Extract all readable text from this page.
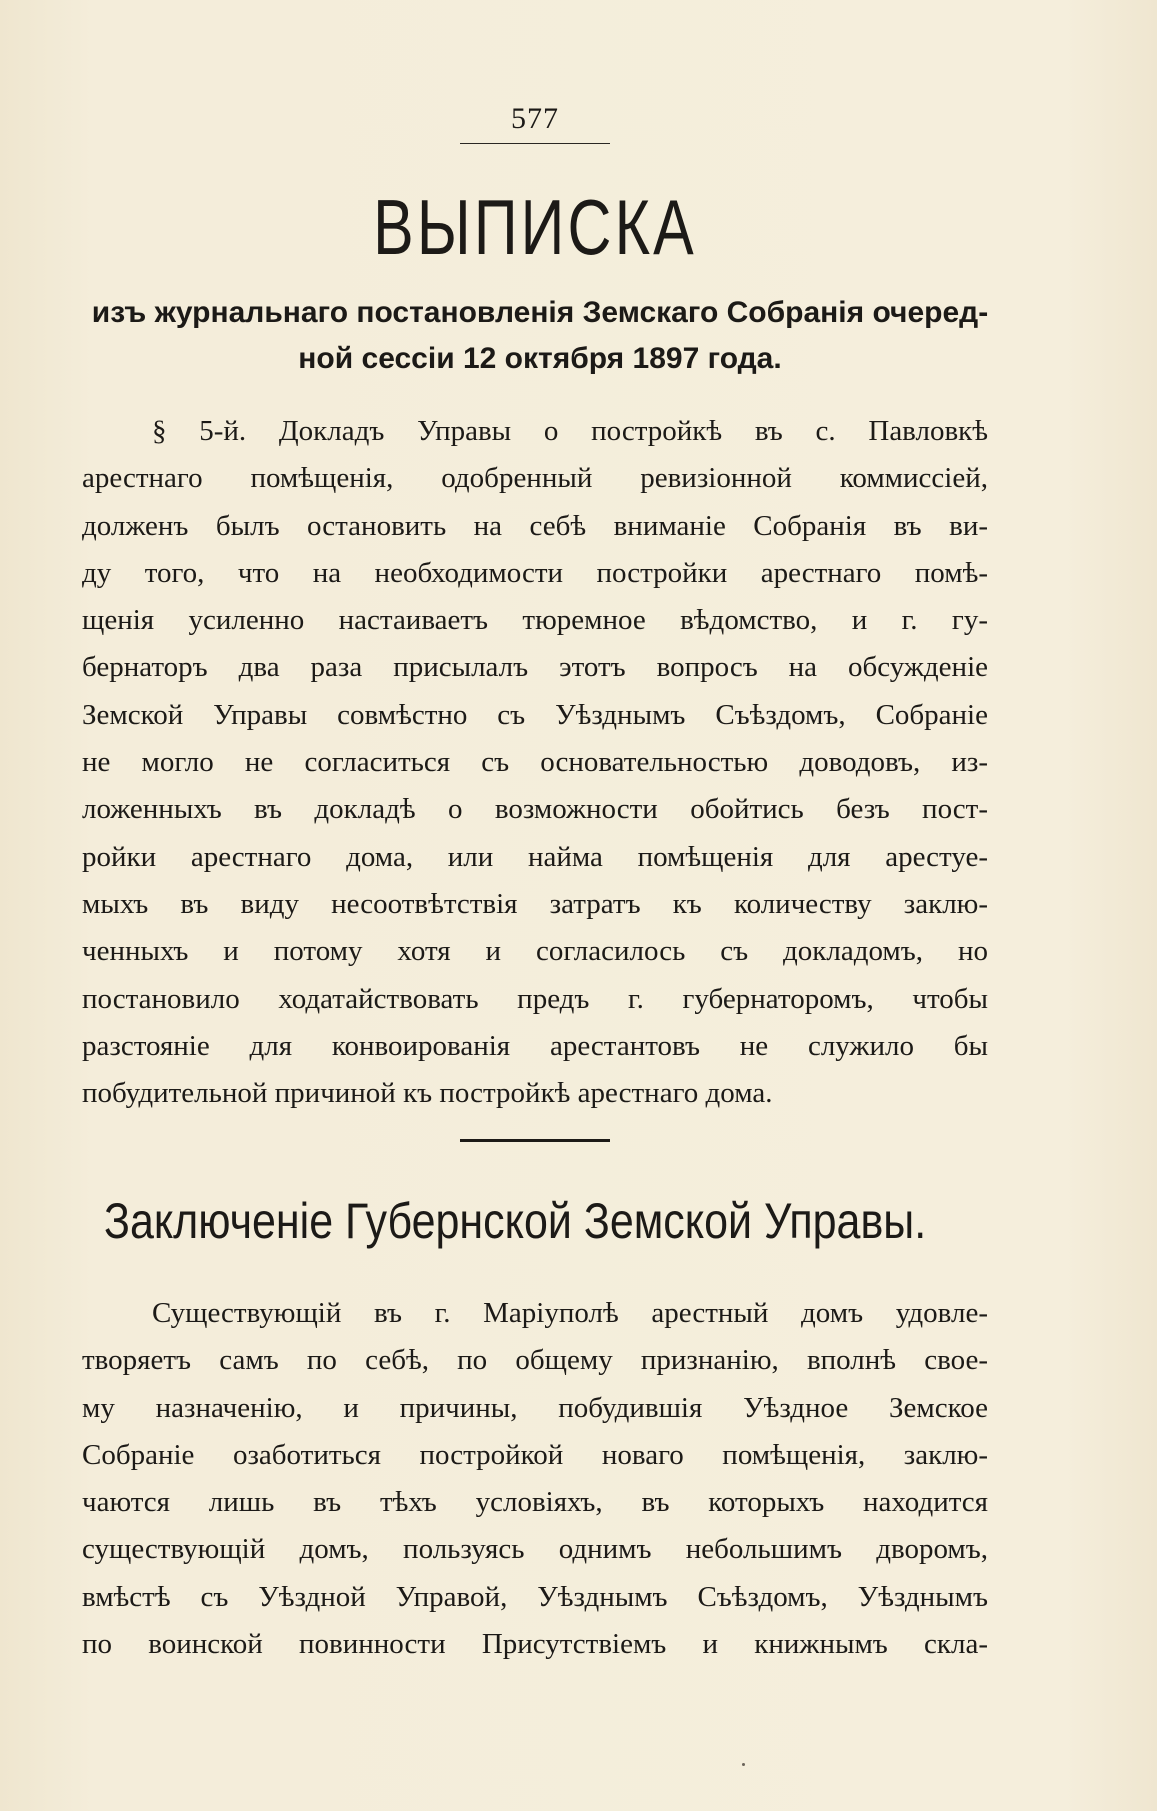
577
ВЫПИСКА
изъ журнальнаго постановленія Земскаго Собранія очеред-
ной сессіи 12 октября 1897 года.
§ 5-й. Докладъ Управы о постройкѣ въ с. Павловкѣ
арестнаго помѣщенія, одобренный ревизіонной коммиссіей,
долженъ былъ остановить на себѣ вниманіе Собранія въ ви-
ду того, что на необходимости постройки арестнаго помѣ-
щенія усиленно настаиваетъ тюремное вѣдомство, и г. гу-
бернаторъ два раза присылалъ этотъ вопросъ на обсужденіе
Земской Управы совмѣстно съ Уѣзднымъ Съѣздомъ, Собраніе
не могло не согласиться съ основательностью доводовъ, из-
ложенныхъ въ докладѣ о возможности обойтись безъ пост-
ройки арестнаго дома, или найма помѣщенія для арестуе-
мыхъ въ виду несоотвѣтствія затратъ къ количеству заклю-
ченныхъ и потому хотя и согласилось съ докладомъ, но
постановило ходатайствовать предъ г. губернаторомъ, чтобы
разстояніе для конвоированія арестантовъ не служило бы
побудительной причиной къ постройкѣ арестнаго дома.
Заключеніе Губернской Земской Управы.
Существующій въ г. Маріуполѣ арестный домъ удовле-
творяетъ самъ по себѣ, по общему признанію, вполнѣ свое-
му назначенію, и причины, побудившія Уѣздное Земское
Собраніе озаботиться постройкой новаго помѣщенія, заклю-
чаются лишь въ тѣхъ условіяхъ, въ которыхъ находится
существующій домъ, пользуясь однимъ небольшимъ дворомъ,
вмѣстѣ съ Уѣздной Управой, Уѣзднымъ Съѣздомъ, Уѣзднымъ
по воинской повинности Присутствіемъ и книжнымъ скла-
